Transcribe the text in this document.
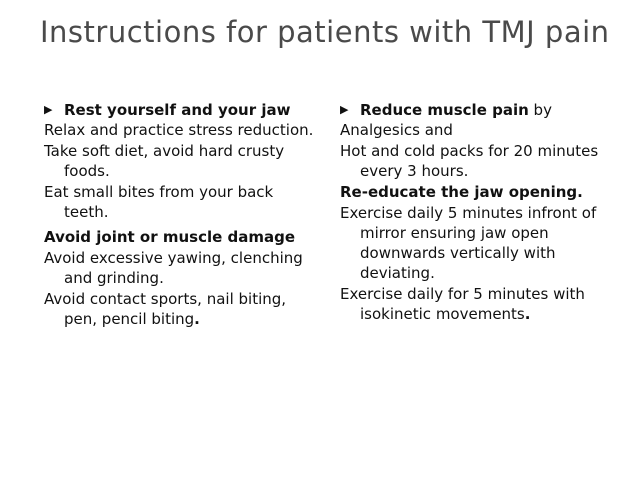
Instructions for patients with TMJ pain
▶ Rest yourself and your jaw
Relax and practice stress reduction.
Take soft diet, avoid hard crusty foods.
Eat small bites from your back teeth.
Avoid joint or muscle damage
Avoid excessive yawing, clenching and grinding.
Avoid contact sports, nail biting, pen, pencil biting.
▶ Reduce muscle pain by
Analgesics and
Hot and cold packs for 20 minutes every 3 hours.
Re-educate the jaw opening.
Exercise daily 5 minutes infront of mirror ensuring jaw open downwards vertically with deviating.
Exercise daily for 5 minutes with isokinetic movements.
